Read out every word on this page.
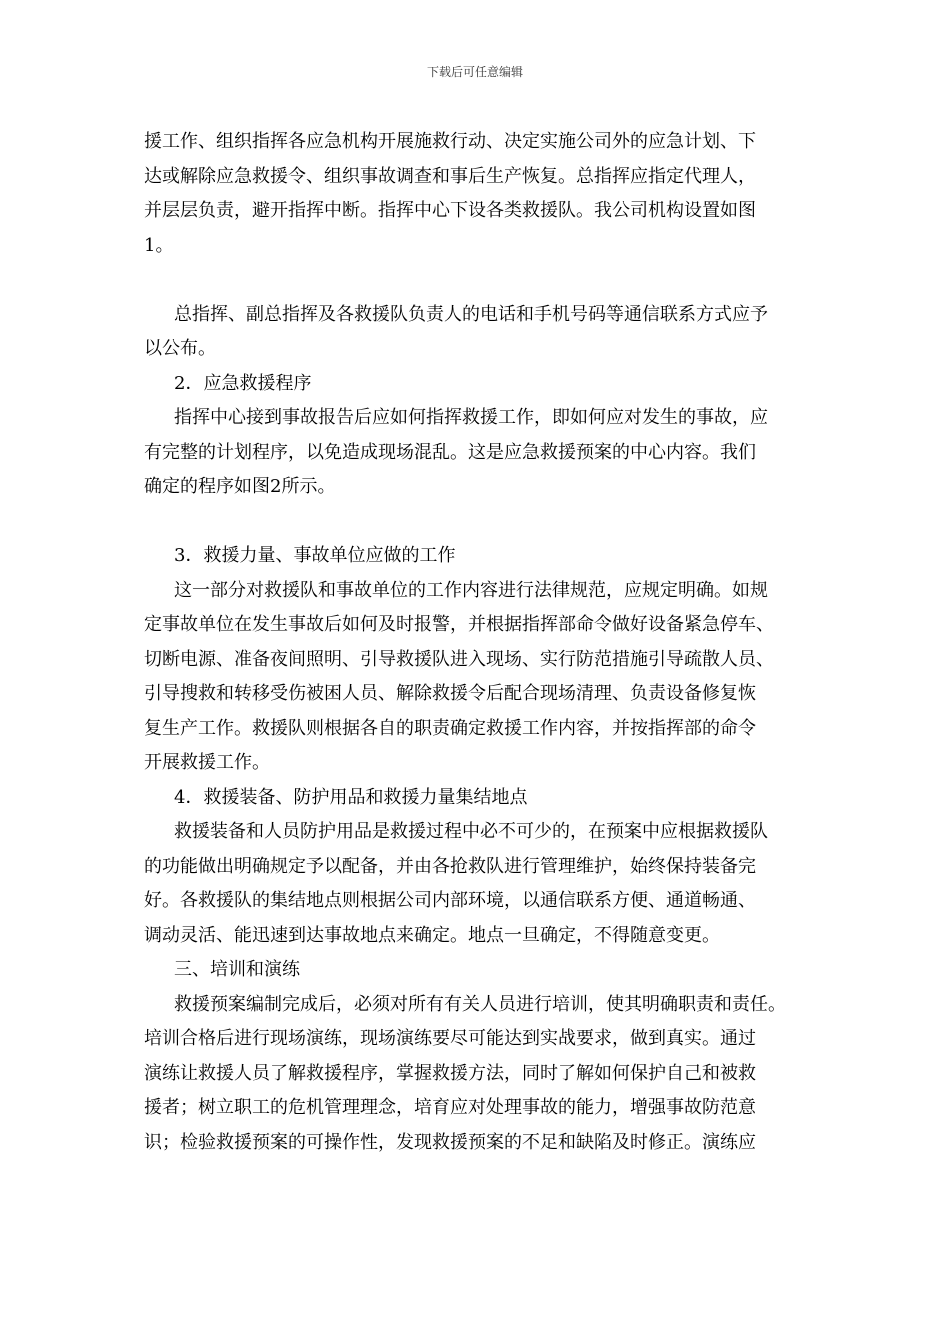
下载后可任意编辑
援工作、组织指挥各应急机构开展施救行动、决定实施公司外的应急计划、下
达或解除应急救援令、组织事故调查和事后生产恢复。总指挥应指定代理人，
并层层负责，避开指挥中断。指挥中心下设各类救援队。我公司机构设置如图
1。
总指挥、副总指挥及各救援队负责人的电话和手机号码等通信联系方式应予
以公布。
2．应急救援程序
指挥中心接到事故报告后应如何指挥救援工作，即如何应对发生的事故，应
有完整的计划程序，以免造成现场混乱。这是应急救援预案的中心内容。我们
确定的程序如图2所示。
3．救援力量、事故单位应做的工作
这一部分对救援队和事故单位的工作内容进行法律规范，应规定明确。如规
定事故单位在发生事故后如何及时报警，并根据指挥部命令做好设备紧急停车、
切断电源、准备夜间照明、引导救援队进入现场、实行防范措施引导疏散人员、
引导搜救和转移受伤被困人员、解除救援令后配合现场清理、负责设备修复恢
复生产工作。救援队则根据各自的职责确定救援工作内容，并按指挥部的命令
开展救援工作。
4．救援装备、防护用品和救援力量集结地点
救援装备和人员防护用品是救援过程中必不可少的，在预案中应根据救援队
的功能做出明确规定予以配备，并由各抢救队进行管理维护，始终保持装备完
好。各救援队的集结地点则根据公司内部环境，以通信联系方便、通道畅通、
调动灵活、能迅速到达事故地点来确定。地点一旦确定，不得随意变更。
三、培训和演练
救援预案编制完成后，必须对所有有关人员进行培训，使其明确职责和责任。
培训合格后进行现场演练，现场演练要尽可能达到实战要求，做到真实。通过
演练让救援人员了解救援程序，掌握救援方法，同时了解如何保护自己和被救
援者；树立职工的危机管理理念，培育应对处理事故的能力，增强事故防范意
识；检验救援预案的可操作性，发现救援预案的不足和缺陷及时修正。演练应
